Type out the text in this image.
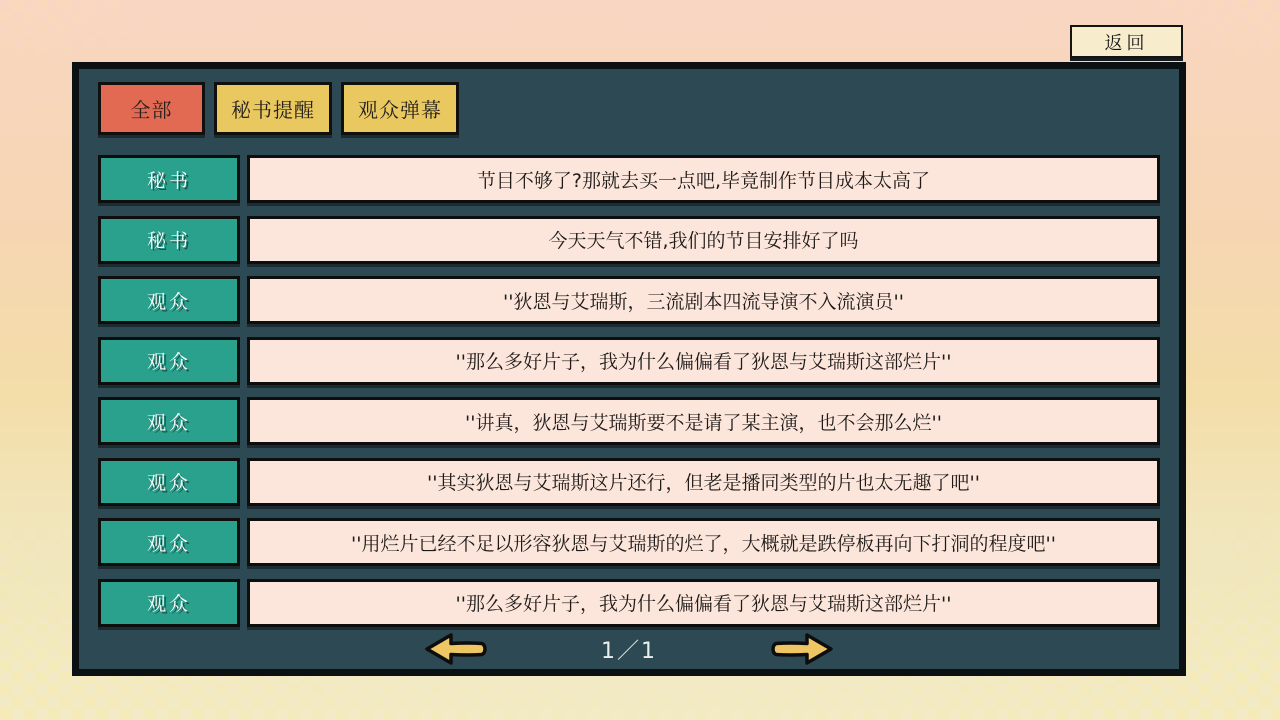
返回
全部	秘书提醒	观众弹幕
秘书	节目不够了?那就去买一点吧,毕竟制作节目成本太高了
秘书	今天天气不错,我们的节目安排好了吗
观众	''狄恩与艾瑞斯，三流剧本四流导演不入流演员''
观众	''那么多好片子，我为什么偏偏看了狄恩与艾瑞斯这部烂片''
观众	''讲真，狄恩与艾瑞斯要不是请了某主演，也不会那么烂''
观众	''其实狄恩与艾瑞斯这片还行，但老是播同类型的片也太无趣了吧''
观众	''用烂片已经不足以形容狄恩与艾瑞斯的烂了，大概就是跌停板再向下打洞的程度吧''
观众	''那么多好片子，我为什么偏偏看了狄恩与艾瑞斯这部烂片''
1／1
